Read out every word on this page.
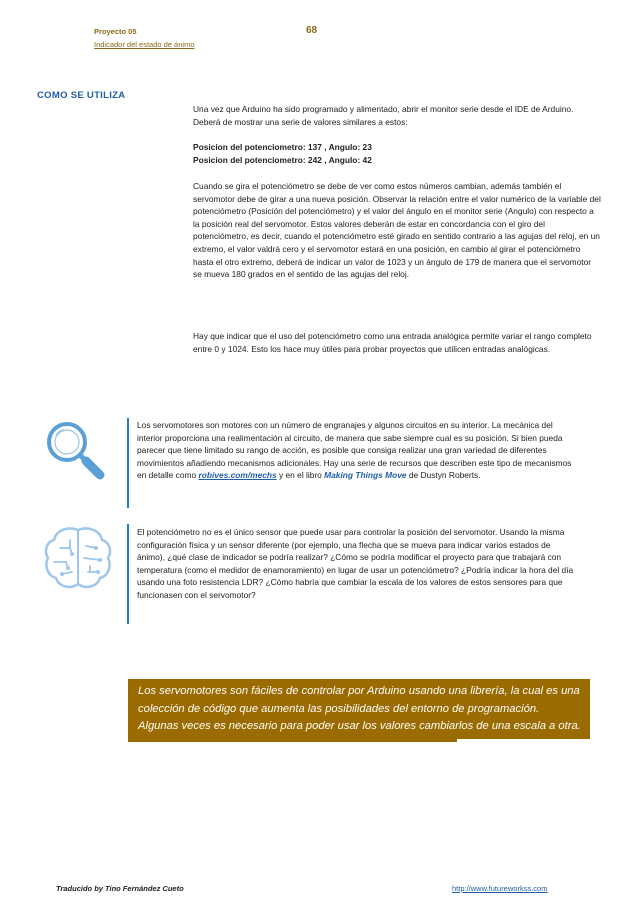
Proyecto 05
Indicador del estado de ánimo
68
COMO SE UTILIZA

Una vez que Arduino ha sido programado y alimentado, abrir el monitor serie desde el IDE de Arduino. Deberá de mostrar una serie de valores similares a estos:

Posicion del potenciometro: 137 , Angulo: 23

Posicion del potenciometro: 242 , Angulo: 42

Cuando se gira el potenciómetro se debe de ver como estos números cambian, además también el servomotor debe de girar a una nueva posición. Observar la relación entre el valor numérico de la variable del potenciómetro (Posición del potenciómetro) y el valor del ángulo en el monitor serie (Angulo) con respecto a la posición real del servomotor. Estos valores deberán de estar en concordancia con el giro del potenciómetro, es decir, cuando el potenciómetro esté girado en sentido contrario a las agujas del reloj, en un extremo, el valor valdrá cero y el servomotor estará en una posición, en cambio al girar el potenciómetro hasta el otro extremo, deberá de indicar un valor de 1023 y un ángulo de 179 de manera que el servomotor se mueva 180 grados en el sentido de las agujas del reloj.

Hay que indicar que el uso del potenciómetro como una entrada analógica permite variar el rango completo entre 0 y 1024. Esto los hace muy útiles para probar proyectos que utilicen entradas analógicas.

Los servomotores son motores con un número de engranajes y algunos circuitos en su interior. La mecánica del interior proporciona una realimentación al circuito, de manera que sabe siempre cual es su posición. Si bien pueda parecer que tiene limitado su rango de acción, es posible que consiga realizar una gran variedad de diferentes movimientos añadiendo mecanismos adicionales. Hay una serie de recursos que describen este tipo de mecanismos en detalle como robives.com/mechs y en el libro Making Things Move de Dustyn Roberts.

El potenciómetro no es el único sensor que puede usar para controlar la posición del servomotor. Usando la misma configuración física y un sensor diferente (por ejemplo, una flecha que se mueva para indicar varios estados de ánimo), ¿qué clase de indicador se podría realizar? ¿Cómo se podría modificar el proyecto para que trabajará con temperatura (como el medidor de enamoramiento) en lugar de usar un potenciómetro? ¿Podría indicar la hora del día usando una foto resistencia LDR? ¿Cómo habría que cambiar la escala de los valores de estos sensores para que funcionasen con el servomotor?

Los servomotores son fáciles de controlar por Arduino usando una librería, la cual es una colección de código que aumenta las posibilidades del entorno de programación. Algunas veces es necesario para poder usar los valores cambiarlos de una escala a otra.
Traducido by Tino Fernández Cueto	http://www.futureworkss.com
